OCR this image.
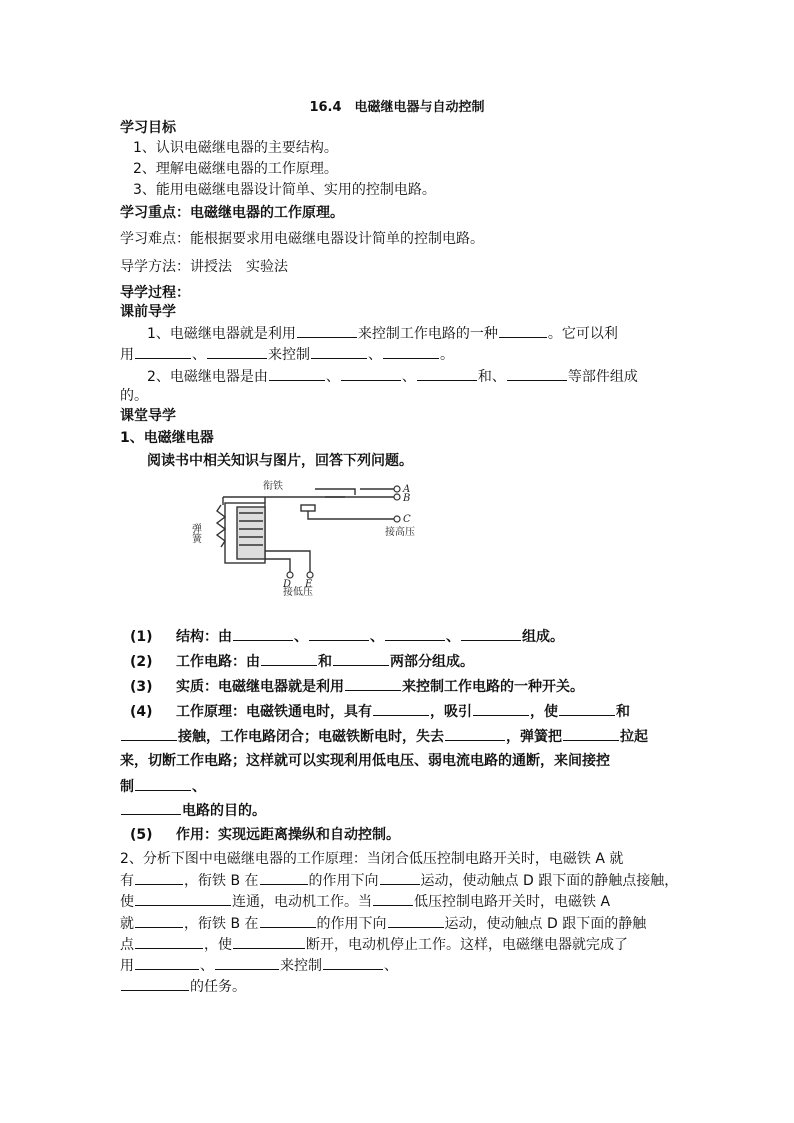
16.4　电磁继电器与自动控制
学习目标
1、认识电磁继电器的主要结构。
2、理解电磁继电器的工作原理。
3、能用电磁继电器设计简单、实用的控制电路。
学习重点：电磁继电器的工作原理。
学习难点：能根据要求用电磁继电器设计简单的控制电路。
导学方法：讲授法　实验法
导学过程：
课前导学
1、电磁继电器就是利用	来控制工作电路的一种	。它可以利
用	、	来控制	、	。
2、电磁继电器是由	、	、	和、	等部件组成
的。
课堂导学
1、电磁继电器
阅读书中相关知识与图片，回答下列问题。
衔铁
弹簧
A
B
C
接高压
D E
接低压
(1) 结构：由	、	、	、	组成。
(2) 工作电路：由	和	两部分组成。
(3) 实质：电磁继电器就是利用	来控制工作电路的一种开关。
(4) 工作原理：电磁铁通电时，具有	，吸引	，使	和
接触，工作电路闭合；电磁铁断电时，失去	，弹簧把	拉起
来，切断工作电路；这样就可以实现利用低电压、弱电流电路的通断，来间接控
制	、
电路的目的。
(5) 作用：实现远距离操纵和自动控制。
2、分析下图中电磁继电器的工作原理：当闭合低压控制电路开关时，电磁铁 A 就
有	，衔铁 B 在	的作用下向	运动，使动触点 D 跟下面的静触点接触，
使	连通，电动机工作。当	低压控制电路开关时，电磁铁 A
就	，衔铁 B 在	的作用下向	运动，使动触点 D 跟下面的静触
点	，使	断开，电动机停止工作。这样，电磁继电器就完成了
用	、	来控制	、
的任务。
